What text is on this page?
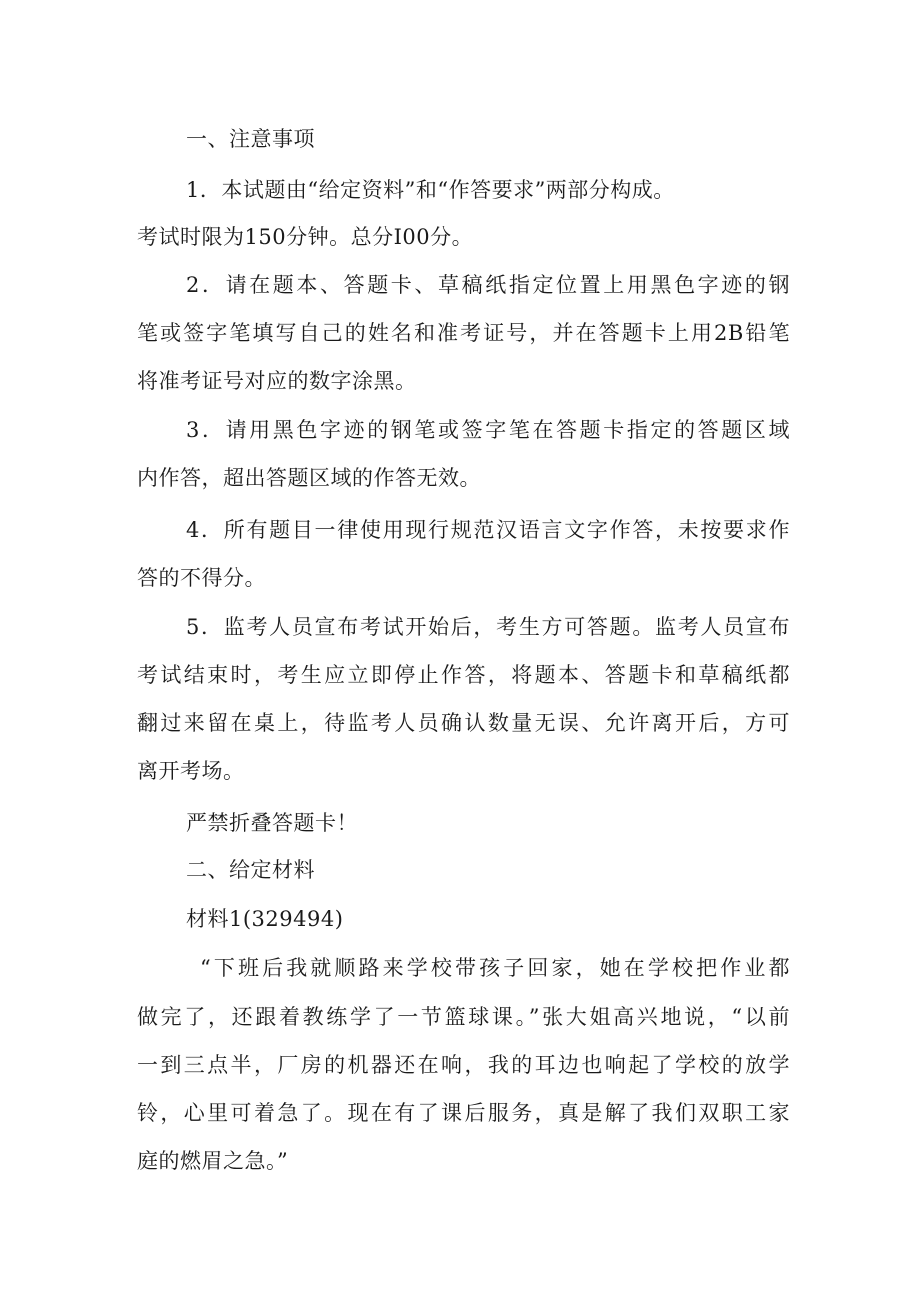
一、注意事项
1．本试题由“给定资料”和“作答要求”两部分构成。
考试时限为150分钟。总分I00分。
2．请在题本、答题卡、草稿纸指定位置上用黑色字迹的钢
笔或签字笔填写自己的姓名和准考证号，并在答题卡上用2B铅笔
将准考证号对应的数字涂黑。
3．请用黑色字迹的钢笔或签字笔在答题卡指定的答题区域
内作答，超出答题区域的作答无效。
4．所有题目一律使用现行规范汉语言文字作答，未按要求作
答的不得分。
5．监考人员宣布考试开始后，考生方可答题。监考人员宣布
考试结束时，考生应立即停止作答，将题本、答题卡和草稿纸都
翻过来留在桌上，待监考人员确认数量无误、允许离开后，方可
离开考场。
严禁折叠答题卡！
二、给定材料
材料1(329494)
“下班后我就顺路来学校带孩子回家，她在学校把作业都
做完了，还跟着教练学了一节篮球课。”张大姐高兴地说，“以前
一到三点半，厂房的机器还在响，我的耳边也响起了学校的放学
铃，心里可着急了。现在有了课后服务，真是解了我们双职工家
庭的燃眉之急。”
